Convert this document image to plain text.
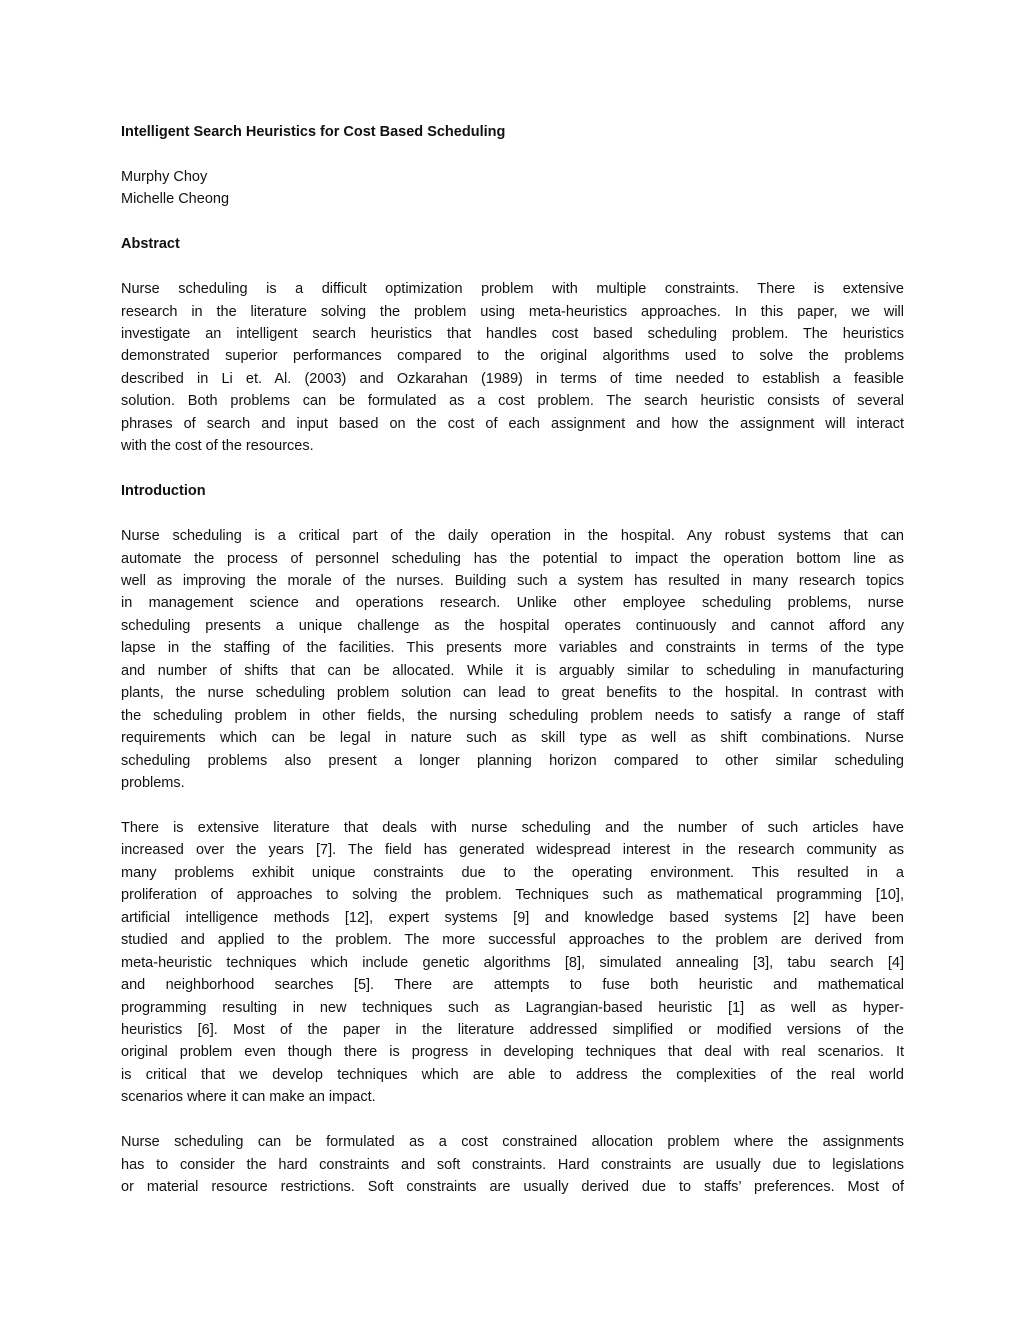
Intelligent Search Heuristics for Cost Based Scheduling
Murphy Choy
Michelle Cheong
Abstract
Nurse scheduling is a difficult optimization problem with multiple constraints. There is extensive
research in the literature solving the problem using meta-heuristics approaches. In this paper, we will
investigate an intelligent search heuristics that handles cost based scheduling problem. The heuristics
demonstrated superior performances compared to the original algorithms used to solve the problems
described in Li et. Al. (2003) and Ozkarahan (1989) in terms of time needed to establish a feasible
solution. Both problems can be formulated as a cost problem. The search heuristic consists of several
phrases of search and input based on the cost of each assignment and how the assignment will interact
with the cost of the resources.
Introduction
Nurse scheduling is a critical part of the daily operation in the hospital. Any robust systems that can
automate the process of personnel scheduling has the potential to impact the operation bottom line as
well as improving the morale of the nurses. Building such a system has resulted in many research topics
in management science and operations research. Unlike other employee scheduling problems, nurse
scheduling presents a unique challenge as the hospital operates continuously and cannot afford any
lapse in the staffing of the facilities. This presents more variables and constraints in terms of the type
and number of shifts that can be allocated. While it is arguably similar to scheduling in manufacturing
plants, the nurse scheduling problem solution can lead to great benefits to the hospital. In contrast with
the scheduling problem in other fields, the nursing scheduling problem needs to satisfy a range of staff
requirements which can be legal in nature such as skill type as well as shift combinations. Nurse
scheduling problems also present a longer planning horizon compared to other similar scheduling
problems.
There is extensive literature that deals with nurse scheduling and the number of such articles have
increased over the years [7]. The field has generated widespread interest in the research community as
many problems exhibit unique constraints due to the operating environment. This resulted in a
proliferation of approaches to solving the problem. Techniques such as mathematical programming [10],
artificial intelligence methods [12], expert systems [9] and knowledge based systems [2] have been
studied and applied to the problem. The more successful approaches to the problem are derived from
meta-heuristic techniques which include genetic algorithms [8], simulated annealing [3], tabu search [4]
and neighborhood searches [5]. There are attempts to fuse both heuristic and mathematical
programming resulting in new techniques such as Lagrangian-based heuristic [1] as well as hyper-
heuristics [6]. Most of the paper in the literature addressed simplified or modified versions of the
original problem even though there is progress in developing techniques that deal with real scenarios. It
is critical that we develop techniques which are able to address the complexities of the real world
scenarios where it can make an impact.
Nurse scheduling can be formulated as a cost constrained allocation problem where the assignments
has to consider the hard constraints and soft constraints. Hard constraints are usually due to legislations
or material resource restrictions. Soft constraints are usually derived due to staffs’ preferences. Most of
